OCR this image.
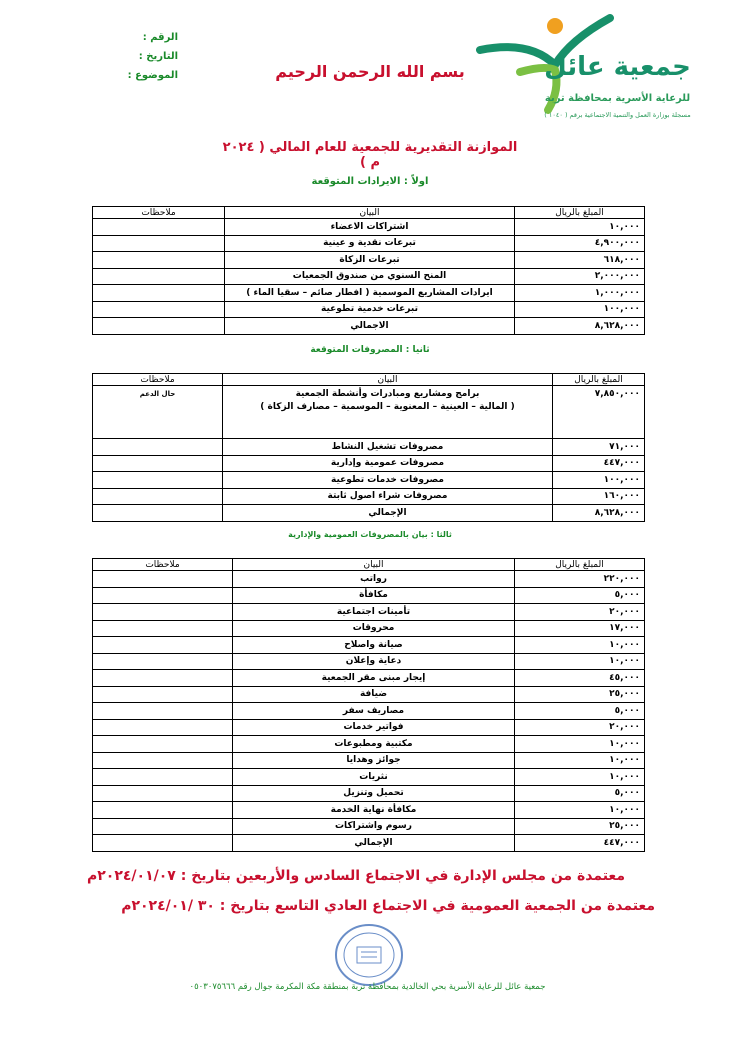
الرقم :
التاريخ :
الموضوع :	بسم الله الرحمن الرحيم	جمعية عائل
للرعاية الأسرية بمحافظة تربة
مسجلة بوزارة العمل والتنمية الاجتماعية برقم ( ١٠٤٠ )
الموازنة التقديرية للجمعية للعام المالي ( ٢٠٢٤ م )
اولاً : الايرادات المتوقعة
المبلغ بالريال	البيان	ملاحظات
١٠,٠٠٠	اشتراكات الاعضاء	
٤,٩٠٠,٠٠٠	تبرعات نقدية و عينية	
٦١٨,٠٠٠	تبرعات الزكاة	
٢,٠٠٠,٠٠٠	المنح السنوي من صندوق الجمعيات	
١,٠٠٠,٠٠٠	ايرادات المشاريع الموسمية ( افطار صائم – سقيا الماء )	
١٠٠,٠٠٠	تبرعات خدمية تطوعية	
٨,٦٢٨,٠٠٠	الاجمالي	
ثانيا : المصروفات المتوقعة
المبلغ بالريال	البيان	ملاحظات
٧,٨٥٠,٠٠٠	برامج ومشاريع ومبادرات وأنشطة الجمعية
( المالية – العينية – المعنوية – الموسمية – مصارف الزكاة )	حال الدعم
٧١,٠٠٠	مصروفات تشغيل النشاط	
٤٤٧,٠٠٠	مصروفات عمومية وإدارية	
١٠٠,٠٠٠	مصروفات خدمات تطوعية	
١٦٠,٠٠٠	مصروفات شراء اصول ثابتة	
٨,٦٢٨,٠٠٠	الإجمالي	
ثالثا : بيان بالمصروفات العمومية والإدارية
المبلغ بالريال	البيان	ملاحظات
٢٢٠,٠٠٠	رواتب	
٥,٠٠٠	مكافأة	
٢٠,٠٠٠	تأمينات اجتماعية	
١٧,٠٠٠	محروقات	
١٠,٠٠٠	صيانة واصلاح	
١٠,٠٠٠	دعاية وإعلان	
٤٥,٠٠٠	إيجار مبنى مقر الجمعية	
٢٥,٠٠٠	ضيافة	
٥,٠٠٠	مصاريف سفر	
٢٠,٠٠٠	فواتير خدمات	
١٠,٠٠٠	مكتبية ومطبوعات	
١٠,٠٠٠	جوائز وهدايا	
١٠,٠٠٠	نثريات	
٥,٠٠٠	تحميل وتنزيل	
١٠,٠٠٠	مكافأة نهاية الخدمة	
٢٥,٠٠٠	رسوم واشتراكات	
٤٤٧,٠٠٠	الإجمالي	
معتمدة من مجلس الإدارة في الاجتماع السادس والأربعين بتاريخ : ٢٠٢٤/٠١/٠٧م
معتمدة من الجمعية العمومية في الاجتماع العادي التاسع بتاريخ : ٣٠ /٢٠٢٤/٠١م
جمعية عائل للرعاية الأسرية بحي الخالدية بمحافظة تربة بمنطقة مكة المكرمة جوال رقم ٠٥٠٣٠٧٥٦٦٦
